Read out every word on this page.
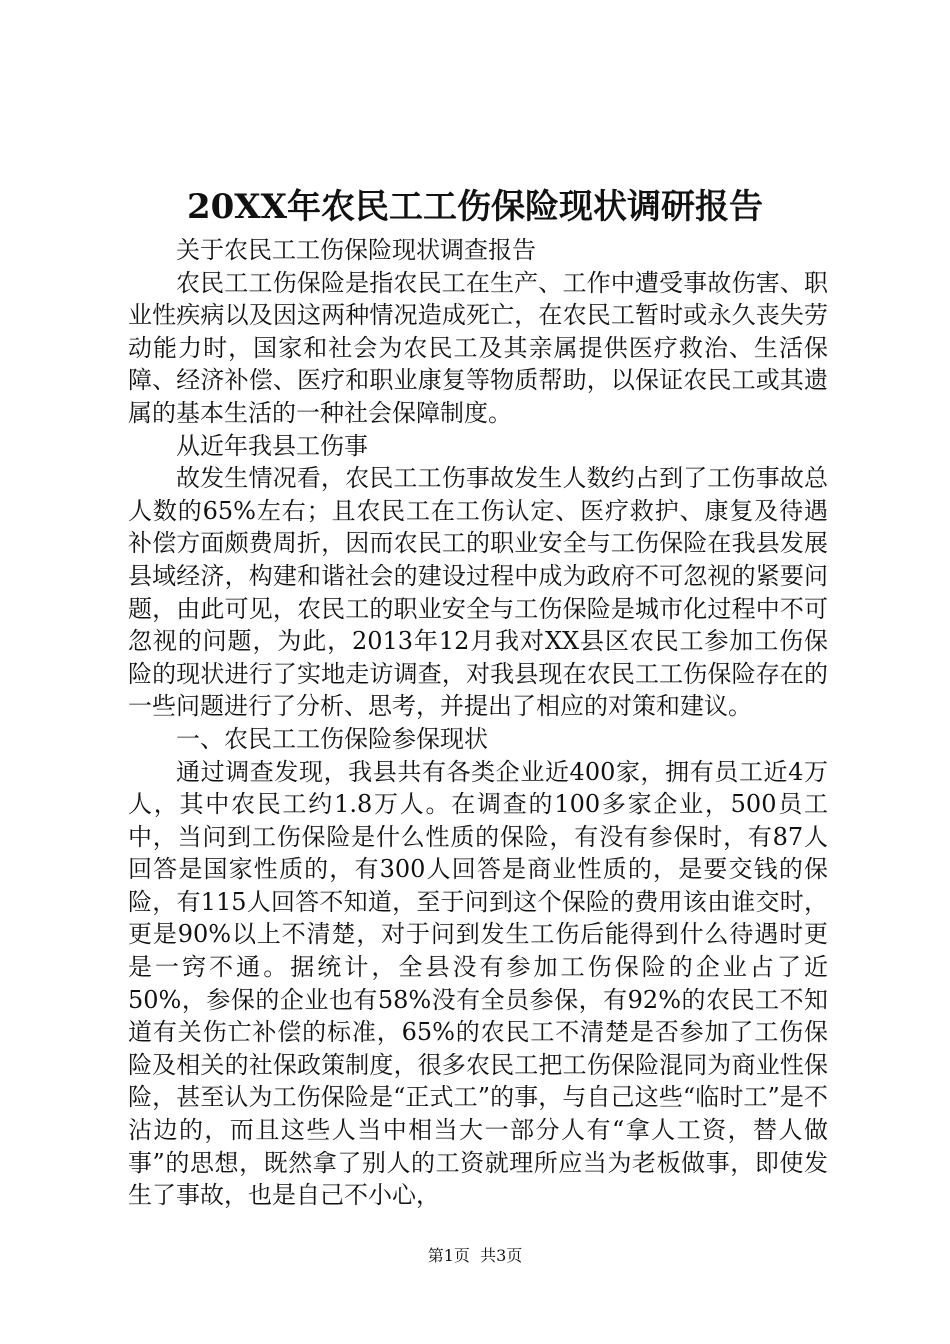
20XX年农民工工伤保险现状调研报告

关于农民工工伤保险现状调查报告

农民工工伤保险是指农民工在生产、工作中遭受事故伤害、职业性疾病以及因这两种情况造成死亡，在农民工暂时或永久丧失劳动能力时，国家和社会为农民工及其亲属提供医疗救治、生活保障、经济补偿、医疗和职业康复等物质帮助，以保证农民工或其遗属的基本生活的一种社会保障制度。

从近年我县工伤事

故发生情况看，农民工工伤事故发生人数约占到了工伤事故总人数的65%左右；且农民工在工伤认定、医疗救护、康复及待遇补偿方面颇费周折，因而农民工的职业安全与工伤保险在我县发展县域经济，构建和谐社会的建设过程中成为政府不可忽视的紧要问题，由此可见，农民工的职业安全与工伤保险是城市化过程中不可忽视的问题，为此，2013年12月我对XX县区农民工参加工伤保险的现状进行了实地走访调查，对我县现在农民工工伤保险存在的一些问题进行了分析、思考，并提出了相应的对策和建议。

一、农民工工伤保险参保现状

通过调查发现，我县共有各类企业近400家，拥有员工近4万人，其中农民工约1.8万人。在调查的100多家企业，500员工中，当问到工伤保险是什么性质的保险，有没有参保时，有87人回答是国家性质的，有300人回答是商业性质的，是要交钱的保险，有115人回答不知道，至于问到这个保险的费用该由谁交时，更是90%以上不清楚，对于问到发生工伤后能得到什么待遇时更是一窍不通。据统计，全县没有参加工伤保险的企业占了近50%，参保的企业也有58%没有全员参保，有92%的农民工不知道有关伤亡补偿的标准，65%的农民工不清楚是否参加了工伤保险及相关的社保政策制度，很多农民工把工伤保险混同为商业性保险，甚至认为工伤保险是“正式工”的事，与自己这些“临时工”是不沾边的，而且这些人当中相当大一部分人有“拿人工资，替人做事”的思想，既然拿了别人的工资就理所应当为老板做事，即使发生了事故，也是自己不小心，

第1页 共3页
